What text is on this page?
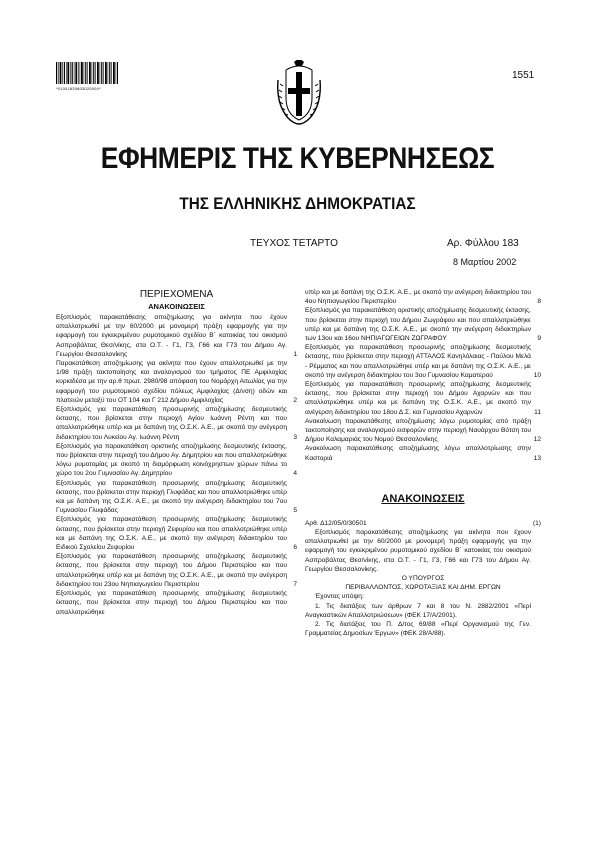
*01001830803020004*
1551
ΕΦΗΜΕΡΙΣ ΤΗΣ ΚΥΒΕΡΝΗΣΕΩΣ
ΤΗΣ ΕΛΛΗΝΙΚΗΣ ΔΗΜΟΚΡΑΤΙΑΣ
ΤΕΥΧΟΣ ΤΕΤΑΡΤΟ	Αρ. Φύλλου 183
8 Μαρτίου 2002
ΠΕΡΙΕΧΟΜΕΝΑ
ΑΝΑΚΟΙΝΩΣΕΙΣ
Εξοπλισμός παρακατάθεσης αποζημίωσης για ακίνητα που έχουν απαλλοτριωθεί με την 60/2000 με μονομερή πράξη εφαρμογής για την εφαρμογή του εγκεκριμένου ρυμοτομικού σχεδίου Β΄ κατοικίας του οικισμού Ασπροβάλτας Θεσ/νίκης, στα Ο.Τ. - Γ1, Γ3, Γ66 και Γ73 του Δήμου Αγ. Γεωργίου Θεσσαλονίκης	1
Παρακατάθεση αποζημίωσης για ακίνητα που έχουν απαλλοτριωθεί με την 1/98 πράξη τακτοποίησης και αναλογισμού του τμήματος ΠΕ Αμφιλοχίας κυριαδέσα με την αρ.θ πρωτ. 2980/98 απόφαση του Νομάρχη Αιτωλίας για την εφαρμογή του ρυμοτομικού σχεδίου πόλεως Αμφιλοχίας (Δ/νση) οδών και πλατειών μεταξύ του ΟΤ 104 και Γ 212 Δήμου Αμφιλοχίας	2
Εξοπλισμός για παρακατάθεση προσωρινής αποζημίωσης δεσμευτικής έκτασης, που βρίσκεται στην περιοχή Αγίου Ιωάννη Ρέντη και που απαλλοτριώθηκε υπέρ και με δαπάνη της Ο.Σ.Κ. Α.Ε., με σκοπό την ανέγερση διδακτηρίου του Λυκείου Αγ. Ιωάννη Ρέντη	3
Εξοπλισμός για παρακατάθεση οριστικής αποζημίωσης δεσμευτικής έκτασης, που βρίσκεται στην περιοχή του Δήμου Αγ. Δημητρίου και που απαλλοτριώθηκε λόγω ρυμοτομίας με σκοπό τη διαμόρφωση κοινόχρηστων χώρων πάνω το χώρο του 2ου Γυμνασίου Αγ. Δημητρίου	4
Εξοπλισμός για παρακατάθεση προσωρινής αποζημίωσης δεσμευτικής έκτασης, που βρίσκεται στην περιοχή Γλυφάδας και που απαλλοτριώθηκε υπέρ και με δαπάνη της Ο.Σ.Κ. Α.Ε., με σκοπό την ανέγερση διδακτηρίου του 7ου Γυμνασίου Γλυφάδας	5
Εξοπλισμός για παρακατάθεση προσωρινής αποζημίωσης δεσμευτικής έκτασης, που βρίσκεται στην περιοχή Ζεφυρίου και που απαλλοτριώθηκε υπέρ και με δαπάνη της Ο.Σ.Κ. Α.Ε., με σκοπό την ανέγερση διδακτηρίου του Ειδικού Σχολείου Ζεφυρίου	6
Εξοπλισμός για παρακατάθεση προσωρινής αποζημίωσης δεσμευτικής έκτασης, που βρίσκεται στην περιοχή του Δήμου Περιστερίου και που απαλλοτριώθηκε υπέρ και με δαπάνη της Ο.Σ.Κ. Α.Ε., με σκοπό την ανέγερση διδακτηρίου του 23ου Νηπιαγωγείου Περιστερίου	7
Εξοπλισμός για παρακατάθεση προσωρινής αποζημίωσης δεσμευτικής έκτασης, που βρίσκεται στην περιοχή του Δήμου Περιστερίου και που απαλλοτριώθηκε
υπέρ και με δαπάνη της Ο.Σ.Κ. Α.Ε., με σκοπό την ανέγερση διδακτηρίου του 4ου Νηπιαγωγείου Περιστερίου	8
Εξοπλισμός για παρακατάθεση οριστικής αποζημίωσης δεσμευτικής έκτασης, που βρίσκεται στην περιοχή του Δήμου Ζωγράφου και που απαλλοτριώθηκε υπέρ και με δαπάνη της Ο.Σ.Κ. Α.Ε., με σκοπό την ανέγερση διδακτηρίων των 13ου και 16ου ΝΗΠΙΑΓΩΓΕΙΩΝ ΖΩΓΡΑΦΟΥ	9
Εξοπλισμός για παρακατάθεση προσωρινής αποζημίωσης δεσμευτικής έκτασης, που βρίσκεται στην περιοχή ΑΤΤΑΛΟΣ Κανηλόλαιας - Παύλου Μελά - Ρέμματος και που απαλλοτριώθηκε υπέρ και με δαπάνη της Ο.Σ.Κ. Α.Ε., με σκοπό την ανέγερση διδακτηρίου του 3ου Γυμνασίου Καματερού	10
Εξοπλισμός για παρακατάθεση προσωρινής αποζημίωσης δεσμευτικής έκτασης, που βρίσκεται στην περιοχή του Δήμου Αχαρνών και που απαλλοτριώθηκε υπέρ και με δαπάνη της Ο.Σ.Κ. Α.Ε., με σκοπό την ανέγερση διδακτηρίου του 18ου Δ.Σ. και Γυμνασίου Αχαρνών	11
Ανακοίνωση παρακατάθεσης αποζημίωσης λόγω ρυμοτομίας από πράξη τακτοποίησης και αναλογισμού εισφορών στην περιοχή Ναυάρχου Βότση του Δήμου Καλαμαριάς του Νομού Θεσσαλονίκης	12
Ανακοίνωση παρακατάθεσης αποζημίωσης λόγω απαλλοτρίωσης στην Καστοριά	13
ΑΝΑΚΟΙΝΩΣΕΙΣ
Αρθ. Δ12/05/0/30501	(1)
Εξοπλισμός παρακατάθεσης αποζημίωσης για ακίνητα που έχουν απαλλοτριωθεί με την 60/2000 με μονομερή πράξη εφαρμογής για την εφαρμογή του εγκεκριμένου ρυμοτομικού σχεδίου Β΄ κατοικίας του οικισμού Ασπροβάλτας Θεσ/νίκης, στα Ο.Τ. - Γ1, Γ3, Γ66 και Γ73 του Δήμου Αγ. Γεωργίου Θεσσαλονίκης.
Ο ΥΠΟΥΡΓΟΣ
ΠΕΡΙΒΑΛΛΟΝΤΟΣ, ΧΩΡΟΤΑΞΙΑΣ ΚΑΙ ΔΗΜ. ΕΡΓΩΝ
Έχοντας υπόψη:
1. Τις διατάξεις των άρθρων 7 και 8 του Ν. 2882/2001 «Περί Αναγκαστικών Απαλλοτριώσεων» (ΦΕΚ 17/Α/2001).
2. Τις διατάξεις του Π. Δ/τος 69/88 «Περί Οργανισμού της Γεν. Γραμματείας Δημοσίων Έργων» (ΦΕΚ 28/Α/88).
